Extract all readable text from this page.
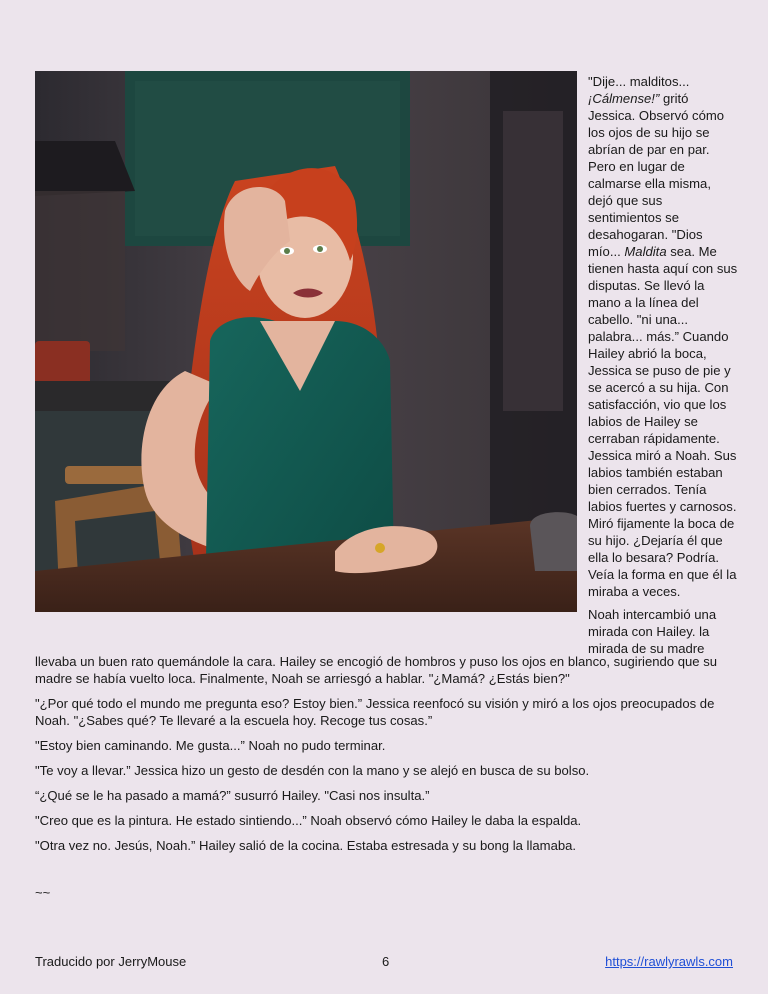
"Dije... malditos... ¡Cálmense!” gritó Jessica. Observó cómo los ojos de su hijo se abrían de par en par. Pero en lugar de calmarse ella misma, dejó que sus sentimientos se desahogaran. "Dios mío... Maldita sea. Me tienen hasta aquí con sus disputas. Se llevó la mano a la línea del cabello. "ni una... palabra... más.” Cuando Hailey abrió la boca, Jessica se puso de pie y se acercó a su hija. Con satisfacción, vio que los labios de Hailey se cerraban rápidamente. Jessica miró a Noah. Sus labios también estaban bien cerrados. Tenía labios fuertes y carnosos. Miró fijamente la boca de su hijo. ¿Dejaría él que ella lo besara? Podría. Veía la forma en que él la miraba a veces.

Noah intercambió una mirada con Hailey. la mirada de su madre

llevaba un buen rato quemándole la cara. Hailey se encogió de hombros y puso los ojos en blanco, sugiriendo que su madre se había vuelto loca. Finalmente, Noah se arriesgó a hablar. "¿Mamá? ¿Estás bien?"

"¿Por qué todo el mundo me pregunta eso? Estoy bien.” Jessica reenfocó su visión y miró a los ojos preocupados de Noah. "¿Sabes qué? Te llevaré a la escuela hoy. Recoge tus cosas.”

"Estoy bien caminando. Me gusta...” Noah no pudo terminar.

"Te voy a llevar.” Jessica hizo un gesto de desdén con la mano y se alejó en busca de su bolso.

“¿Qué se le ha pasado a mamá?” susurró Hailey. "Casi nos insulta.”

"Creo que es la pintura. He estado sintiendo...” Noah observó cómo Hailey le daba la espalda.

"Otra vez no. Jesús, Noah.” Hailey salió de la cocina. Estaba estresada y su bong la llamaba.

~~
Traducido por JerryMouse	6	https://rawlyrawls.com
